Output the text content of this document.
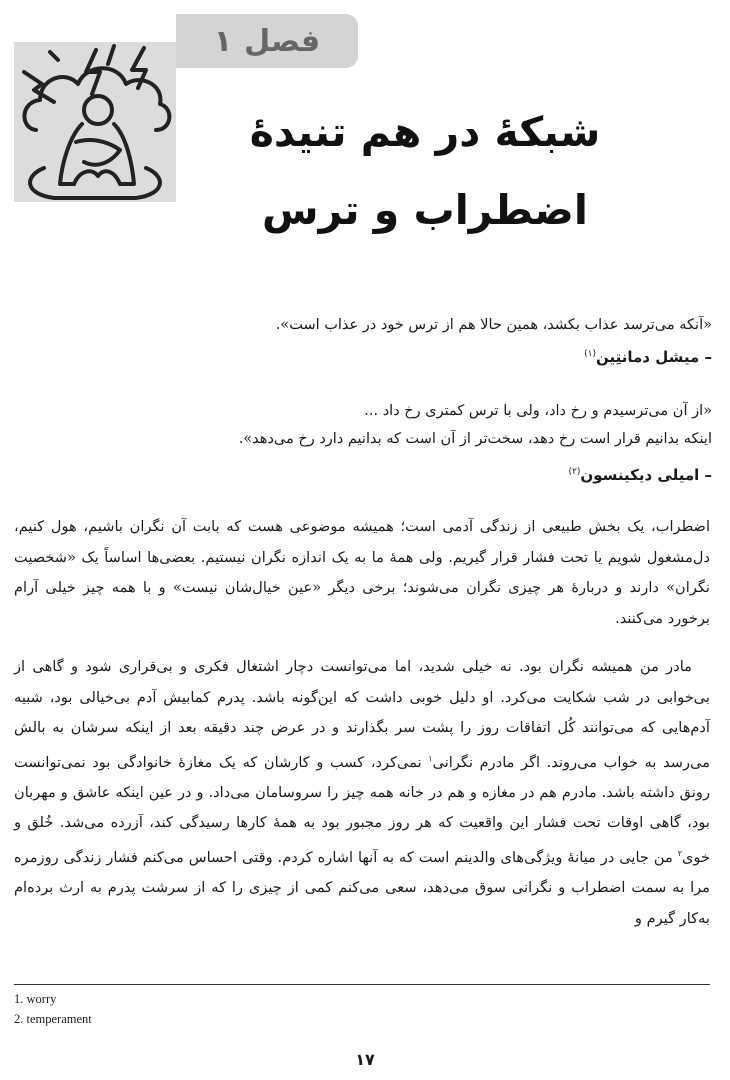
فصل
۱
شبکهٔ در هم تنیدهٔ
اضطراب و ترس

«آنکه می‌ترسد عذاب بکشد، همین حالا هم از ترس خود در عذاب است».

– میشل دمانتِین$^{(۱)}$

«از آن می‌ترسیدم و رخ داد، ولی با ترس کمتری رخ داد ...

اینکه بدانیم قرار است رخ دهد، سخت‌تر از آن است که بدانیم دارد رخ می‌دهد».

– امیلی دیکینسون$^{(۲)}$

اضطراب، یک بخش طبیعی از زندگی آدمی است؛ همیشه موضوعی هست که بابت آن نگران باشیم، هول کنیم، دل‌مشغول شویم یا تحت فشار قرار گیریم. ولی همهٔ ما به یک اندازه نگران نیستیم. بعضی‌ها اساساً یک «شخصیت نگران» دارند و دربارهٔ هر چیزی نگران می‌شوند؛ برخی دیگر «عین خیال‌شان نیست» و با همه چیز خیلی آرام برخورد می‌کنند.

مادر من همیشه نگران بود. نه خیلی شدید، اما می‌توانست دچار اشتغال فکری و بی‌قراری شود و گاهی از بی‌خوابی در شب شکایت می‌کرد. او دلیل خوبی داشت که این‌گونه باشد. پدرم کمابیش آدم بی‌خیالی بود، شبیه آدم‌هایی که می‌توانند کُل اتفاقات روز را پشت سر بگذارند و در عرض چند دقیقه بعد از اینکه سرشان به بالش می‌رسد به خواب می‌روند. اگر مادرم نگرانی$^۱$ نمی‌کرد، کسب و کارشان که یک مغازهٔ خانوادگی بود نمی‌توانست رونق داشته باشد. مادرم هم در مغازه و هم در خانه همه چیز را سروسامان می‌داد. و در عین اینکه عاشق و مهربان بود، گاهی اوقات تحت فشار این واقعیت که هر روز مجبور بود به همهٔ کارها رسیدگی کند، آزرده می‌شد. خُلق و خوی$^۲$ من جایی در میانهٔ ویژگی‌های والدینم است که به آنها اشاره کردم. وقتی احساس می‌کنم فشار زندگی روزمره مرا به سمت اضطراب و نگرانی سوق می‌دهد، سعی می‌کنم کمی از چیزی را که از سرشت پدرم به ارث برده‌ام به‌کار گیرم و

1. worry

2. temperament

۱۷
